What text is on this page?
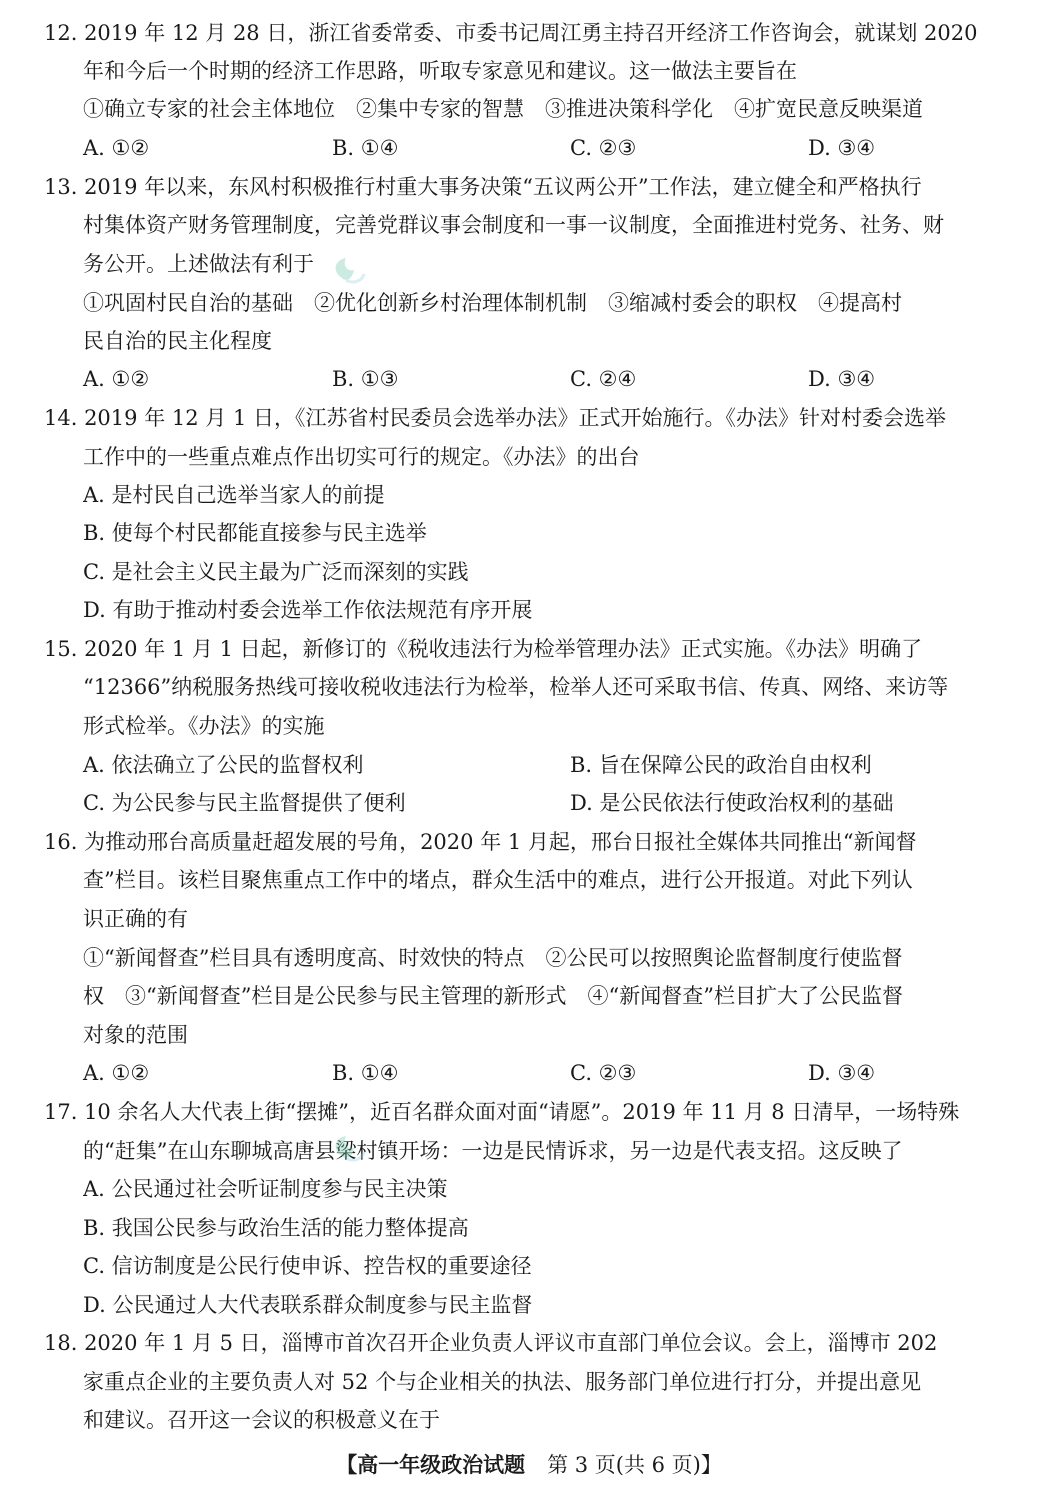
12. 2019 年 12 月 28 日，浙江省委常委、市委书记周江勇主持召开经济工作咨询会，就谋划 2020
年和今后一个时期的经济工作思路，听取专家意见和建议。这一做法主要旨在
①确立专家的社会主体地位　②集中专家的智慧　③推进决策科学化　④扩宽民意反映渠道
A. ①②	B. ①④	C. ②③	D. ③④
13. 2019 年以来，东风村积极推行村重大事务决策“五议两公开”工作法，建立健全和严格执行
村集体资产财务管理制度，完善党群议事会制度和一事一议制度，全面推进村党务、社务、财
务公开。上述做法有利于
①巩固村民自治的基础　②优化创新乡村治理体制机制　③缩减村委会的职权　④提高村
民自治的民主化程度
A. ①②	B. ①③	C. ②④	D. ③④
14. 2019 年 12 月 1 日，《江苏省村民委员会选举办法》正式开始施行。《办法》针对村委会选举
工作中的一些重点难点作出切实可行的规定。《办法》的出台
A. 是村民自己选举当家人的前提
B. 使每个村民都能直接参与民主选举
C. 是社会主义民主最为广泛而深刻的实践
D. 有助于推动村委会选举工作依法规范有序开展
15. 2020 年 1 月 1 日起，新修订的《税收违法行为检举管理办法》正式实施。《办法》明确了
“12366”纳税服务热线可接收税收违法行为检举，检举人还可采取书信、传真、网络、来访等
形式检举。《办法》的实施
A. 依法确立了公民的监督权利	B. 旨在保障公民的政治自由权利
C. 为公民参与民主监督提供了便利	D. 是公民依法行使政治权利的基础
16. 为推动邢台高质量赶超发展的号角，2020 年 1 月起，邢台日报社全媒体共同推出“新闻督
查”栏目。该栏目聚焦重点工作中的堵点，群众生活中的难点，进行公开报道。对此下列认
识正确的有
①“新闻督查”栏目具有透明度高、时效快的特点　②公民可以按照舆论监督制度行使监督
权　③“新闻督查”栏目是公民参与民主管理的新形式　④“新闻督查”栏目扩大了公民监督
对象的范围
A. ①②	B. ①④	C. ②③	D. ③④
17. 10 余名人大代表上街“摆摊”，近百名群众面对面“请愿”。2019 年 11 月 8 日清早，一场特殊
的“赶集”在山东聊城高唐县梁村镇开场：一边是民情诉求，另一边是代表支招。这反映了
A. 公民通过社会听证制度参与民主决策
B. 我国公民参与政治生活的能力整体提高
C. 信访制度是公民行使申诉、控告权的重要途径
D. 公民通过人大代表联系群众制度参与民主监督
18. 2020 年 1 月 5 日，淄博市首次召开企业负责人评议市直部门单位会议。会上，淄博市 202
家重点企业的主要负责人对 52 个与企业相关的执法、服务部门单位进行打分，并提出意见
和建议。召开这一会议的积极意义在于
【高一年级政治试题 第 3 页(共 6 页)】
